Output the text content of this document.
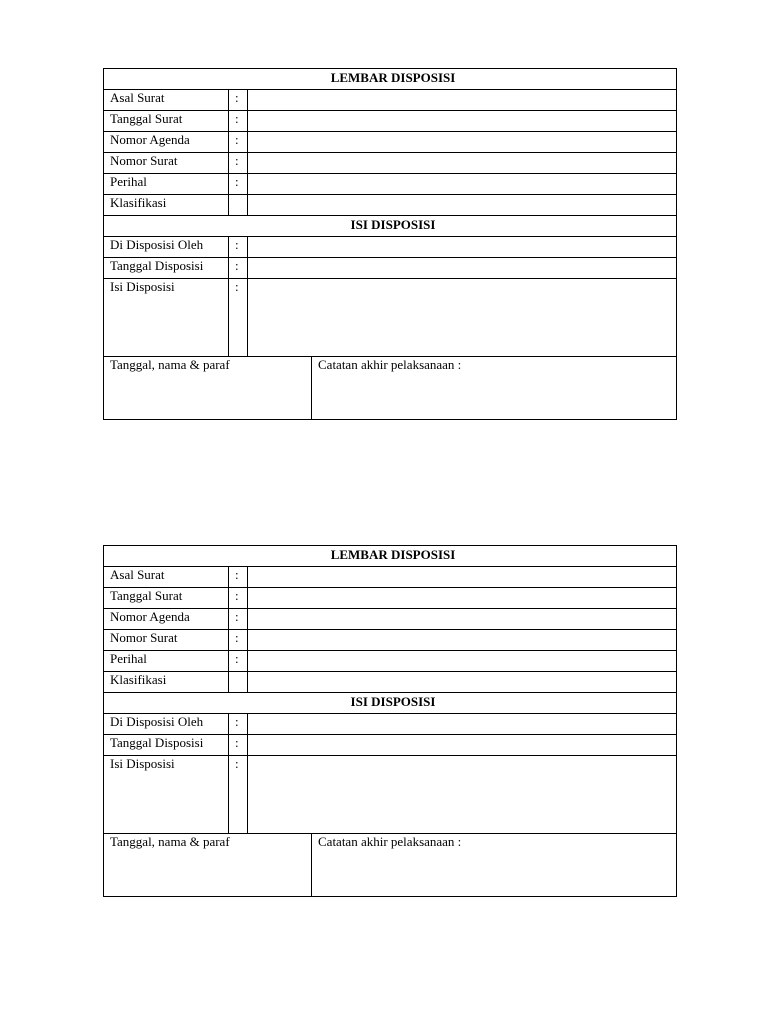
LEMBAR DISPOSISI		
Asal Surat	:	
Tanggal Surat	:	
Nomor Agenda	:	
Nomor Surat	:	
Perihal	:	
Klasifikasi		
ISI DISPOSISI		
Di Disposisi Oleh	:	
Tanggal Disposisi	:	
Isi Disposisi	:	
Tanggal, nama & paraf	Catatan akhir pelaksanaan :
LEMBAR DISPOSISI		
Asal Surat	:	
Tanggal Surat	:	
Nomor Agenda	:	
Nomor Surat	:	
Perihal	:	
Klasifikasi		
ISI DISPOSISI		
Di Disposisi Oleh	:	
Tanggal Disposisi	:	
Isi Disposisi	:	
Tanggal, nama & paraf	Catatan akhir pelaksanaan :
